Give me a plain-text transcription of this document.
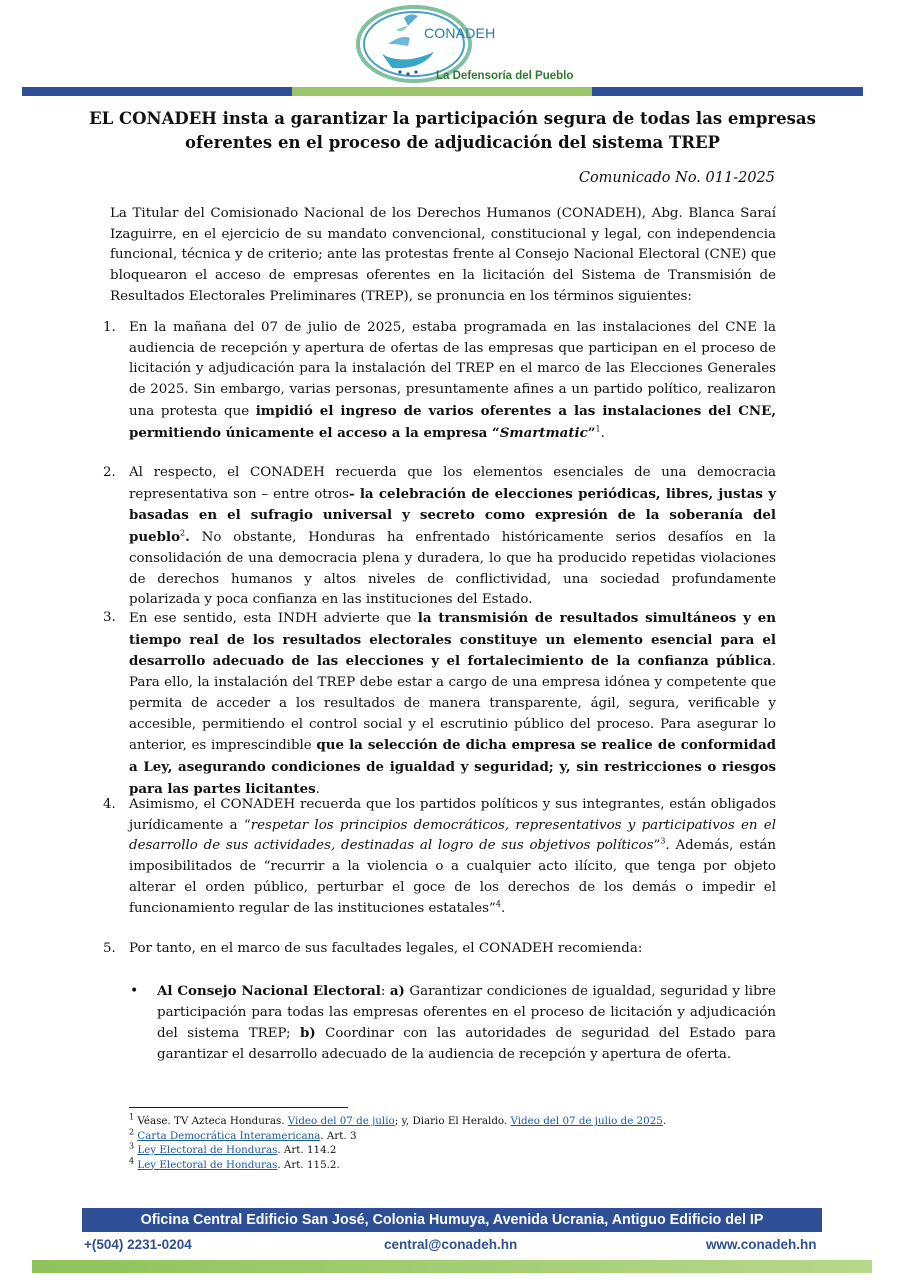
CONADEH
La Defensoría del Pueblo
EL CONADEH insta a garantizar la participación segura de todas las empresas
oferentes en el proceso de adjudicación del sistema TREP
Comunicado No. 011-2025
La Titular del Comisionado Nacional de los Derechos Humanos (CONADEH), Abg. Blanca Saraí Izaguirre, en el ejercicio de su mandato convencional, constitucional y legal, con independencia funcional, técnica y de criterio; ante las protestas frente al Consejo Nacional Electoral (CNE) que bloquearon el acceso de empresas oferentes en la licitación del Sistema de Transmisión de Resultados Electorales Preliminares (TREP), se pronuncia en los términos siguientes:
1. En la mañana del 07 de julio de 2025, estaba programada en las instalaciones del CNE la audiencia de recepción y apertura de ofertas de las empresas que participan en el proceso de licitación y adjudicación para la instalación del TREP en el marco de las Elecciones Generales de 2025. Sin embargo, varias personas, presuntamente afines a un partido político, realizaron una protesta que impidió el ingreso de varios oferentes a las instalaciones del CNE, permitiendo únicamente el acceso a la empresa “Smartmatic”$^1$.
2. Al respecto, el CONADEH recuerda que los elementos esenciales de una democracia representativa son – entre otros- la celebración de elecciones periódicas, libres, justas y basadas en el sufragio universal y secreto como expresión de la soberanía del pueblo$^2$. No obstante, Honduras ha enfrentado históricamente serios desafíos en la consolidación de una democracia plena y duradera, lo que ha producido repetidas violaciones de derechos humanos y altos niveles de conflictividad, una sociedad profundamente polarizada y poca confianza en las instituciones del Estado.
3. En ese sentido, esta INDH advierte que la transmisión de resultados simultáneos y en tiempo real de los resultados electorales constituye un elemento esencial para el desarrollo adecuado de las elecciones y el fortalecimiento de la confianza pública. Para ello, la instalación del TREP debe estar a cargo de una empresa idónea y competente que permita de acceder a los resultados de manera transparente, ágil, segura, verificable y accesible, permitiendo el control social y el escrutinio público del proceso. Para asegurar lo anterior, es imprescindible que la selección de dicha empresa se realice de conformidad a Ley, asegurando condiciones de igualdad y seguridad; y, sin restricciones o riesgos para las partes licitantes.
4. Asimismo, el CONADEH recuerda que los partidos políticos y sus integrantes, están obligados jurídicamente a “respetar los principios democráticos, representativos y participativos en el desarrollo de sus actividades, destinadas al logro de sus objetivos políticos”$^3$. Además, están imposibilitados de “recurrir a la violencia o a cualquier acto ilícito, que tenga por objeto alterar el orden público, perturbar el goce de los derechos de los demás o impedir el funcionamiento regular de las instituciones estatales”$^4$.
5. Por tanto, en el marco de sus facultades legales, el CONADEH recomienda:
• Al Consejo Nacional Electoral: a) Garantizar condiciones de igualdad, seguridad y libre participación para todas las empresas oferentes en el proceso de licitación y adjudicación del sistema TREP; b) Coordinar con las autoridades de seguridad del Estado para garantizar el desarrollo adecuado de la audiencia de recepción y apertura de oferta.
$^1$ Véase. TV Azteca Honduras. Video del 07 de julio; y, Diario El Heraldo. Video del 07 de julio de 2025.
$^2$ Carta Democrática Interamericana. Art. 3
$^3$ Ley Electoral de Honduras. Art. 114.2
$^4$ Ley Electoral de Honduras. Art. 115.2.
Oficina Central Edificio San José, Colonia Humuya, Avenida Ucrania, Antiguo Edificio del IP
+(504) 2231-0204	central@conadeh.hn	www.conadeh.hn
